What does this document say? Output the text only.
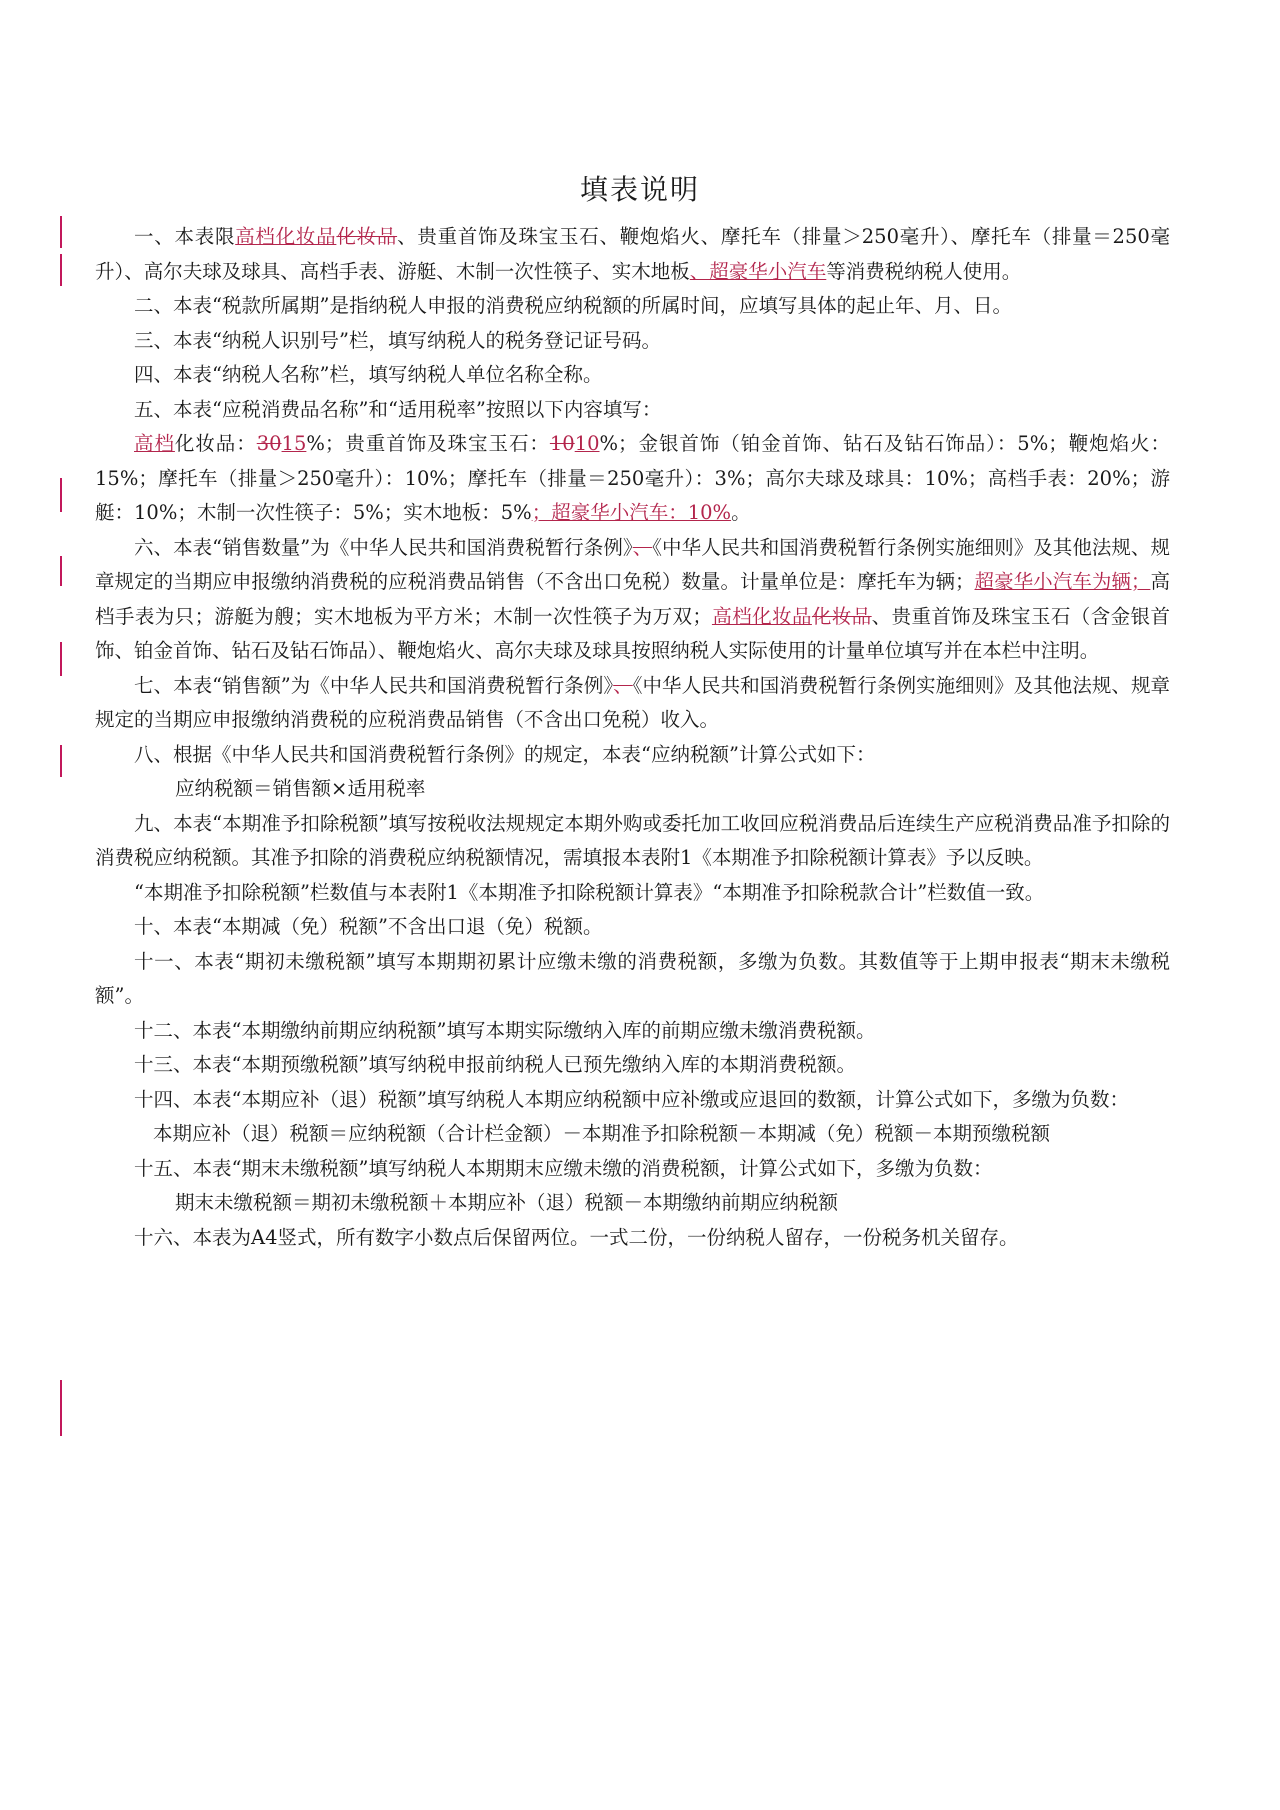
填表说明

一、本表限高档化妆品化妆品、贵重首饰及珠宝玉石、鞭炮焰火、摩托车（排量＞250毫升）、摩托车（排量＝250毫升）、高尔夫球及球具、高档手表、游艇、木制一次性筷子、实木地板、超豪华小汽车等消费税纳税人使用。

二、本表“税款所属期”是指纳税人申报的消费税应纳税额的所属时间，应填写具体的起止年、月、日。

三、本表“纳税人识别号”栏，填写纳税人的税务登记证号码。

四、本表“纳税人名称”栏，填写纳税人单位名称全称。

五、本表“应税消费品名称”和“适用税率”按照以下内容填写：

高档化妆品：3015%；贵重首饰及珠宝玉石：1010%；金银首饰（铂金首饰、钻石及钻石饰品）：5%；鞭炮焰火：15%；摩托车（排量＞250毫升）：10%；摩托车（排量＝250毫升）：3%；高尔夫球及球具：10%；高档手表：20%；游艇：10%；木制一次性筷子：5%；实木地板：5%；超豪华小汽车：10%。

六、本表“销售数量”为《中华人民共和国消费税暂行条例》、《中华人民共和国消费税暂行条例实施细则》及其他法规、规章规定的当期应申报缴纳消费税的应税消费品销售（不含出口免税）数量。计量单位是：摩托车为辆；超豪华小汽车为辆；高档手表为只；游艇为艘；实木地板为平方米；木制一次性筷子为万双；高档化妆品化妆品、贵重首饰及珠宝玉石（含金银首饰、铂金首饰、钻石及钻石饰品）、鞭炮焰火、高尔夫球及球具按照纳税人实际使用的计量单位填写并在本栏中注明。

七、本表“销售额”为《中华人民共和国消费税暂行条例》、《中华人民共和国消费税暂行条例实施细则》及其他法规、规章规定的当期应申报缴纳消费税的应税消费品销售（不含出口免税）收入。

八、根据《中华人民共和国消费税暂行条例》的规定，本表“应纳税额”计算公式如下：

应纳税额＝销售额×适用税率

九、本表“本期准予扣除税额”填写按税收法规规定本期外购或委托加工收回应税消费品后连续生产应税消费品准予扣除的消费税应纳税额。其准予扣除的消费税应纳税额情况，需填报本表附1《本期准予扣除税额计算表》予以反映。

“本期准予扣除税额”栏数值与本表附1《本期准予扣除税额计算表》“本期准予扣除税款合计”栏数值一致。

十、本表“本期减（免）税额”不含出口退（免）税额。

十一、本表“期初未缴税额”填写本期期初累计应缴未缴的消费税额，多缴为负数。其数值等于上期申报表“期末未缴税额”。

十二、本表“本期缴纳前期应纳税额”填写本期实际缴纳入库的前期应缴未缴消费税额。

十三、本表“本期预缴税额”填写纳税申报前纳税人已预先缴纳入库的本期消费税额。

十四、本表“本期应补（退）税额”填写纳税人本期应纳税额中应补缴或应退回的数额，计算公式如下，多缴为负数：

本期应补（退）税额＝应纳税额（合计栏金额）－本期准予扣除税额－本期减（免）税额－本期预缴税额

十五、本表“期末未缴税额”填写纳税人本期期末应缴未缴的消费税额，计算公式如下，多缴为负数：

期末未缴税额＝期初未缴税额＋本期应补（退）税额－本期缴纳前期应纳税额

十六、本表为A4竖式，所有数字小数点后保留两位。一式二份，一份纳税人留存，一份税务机关留存。
